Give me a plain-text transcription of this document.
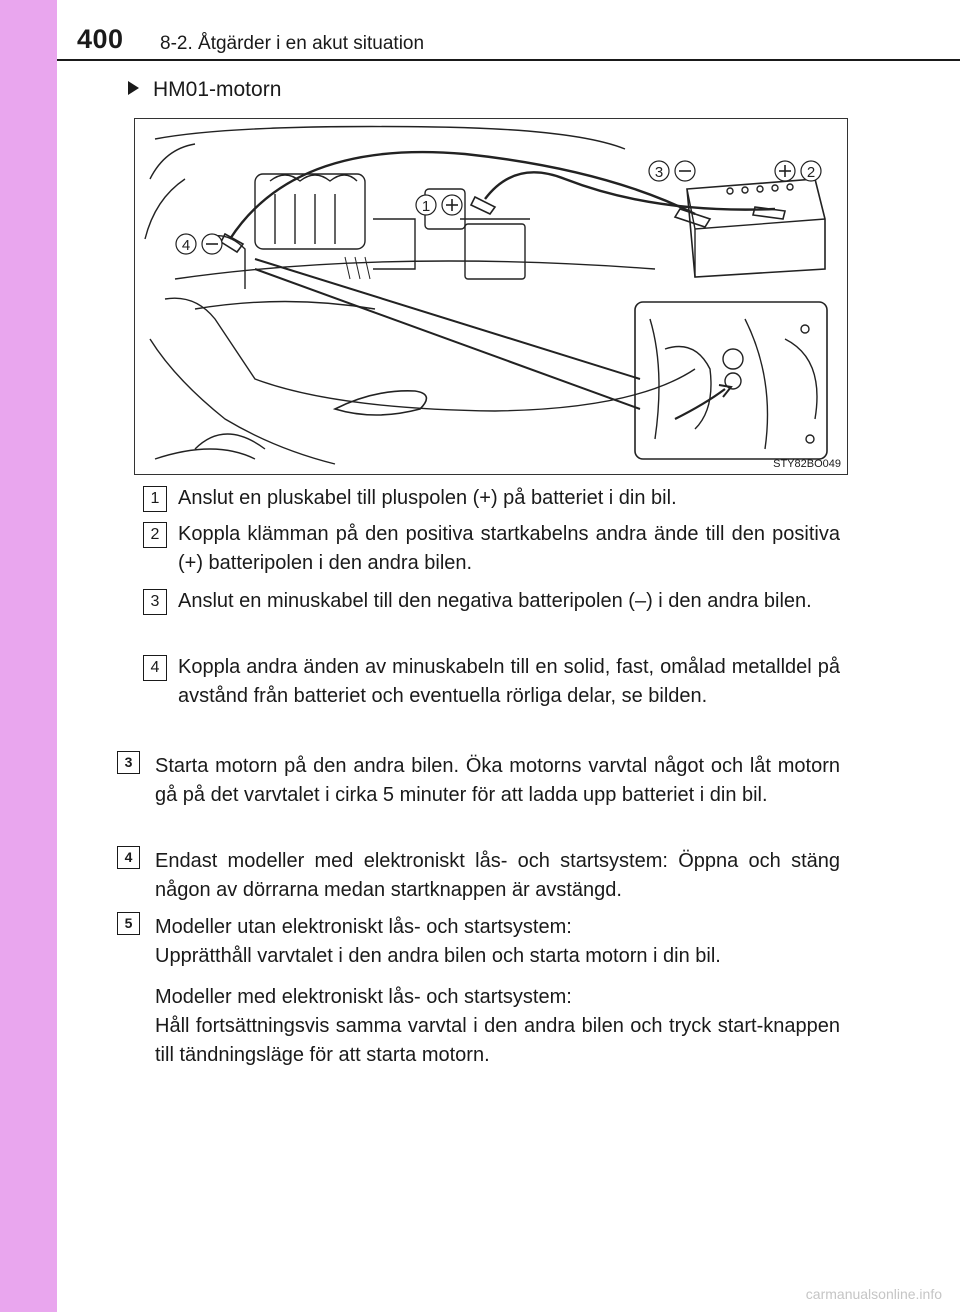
400 8-2. Åtgärder i en akut situation
HM01-motorn
3	2
1
4
STY82BO049
1 Anslut en pluskabel till pluspolen (+) på batteriet i din bil.
2 Koppla klämman på den positiva startkabelns andra ände till den positiva (+) batteripolen i den andra bilen.
3 Anslut en minuskabel till den negativa batteripolen (–) i den andra bilen.
4 Koppla andra änden av minuskabeln till en solid, fast, omålad metalldel på avstånd från batteriet och eventuella rörliga delar, se bilden.
3	Starta motorn på den andra bilen. Öka motorns varvtal något och låt motorn gå på det varvtalet i cirka 5 minuter för att ladda upp batteriet i din bil.
4	Endast modeller med elektroniskt lås- och startsystem: Öppna och stäng någon av dörrarna medan startknappen är avstängd.
5	Modeller utan elektroniskt lås- och startsystem:
Upprätthåll varvtalet i den andra bilen och starta motorn i din bil.
Modeller med elektroniskt lås- och startsystem:
Håll fortsättningsvis samma varvtal i den andra bilen och tryck start-knappen till tändningsläge för att starta motorn.
carmanualsonline.info
